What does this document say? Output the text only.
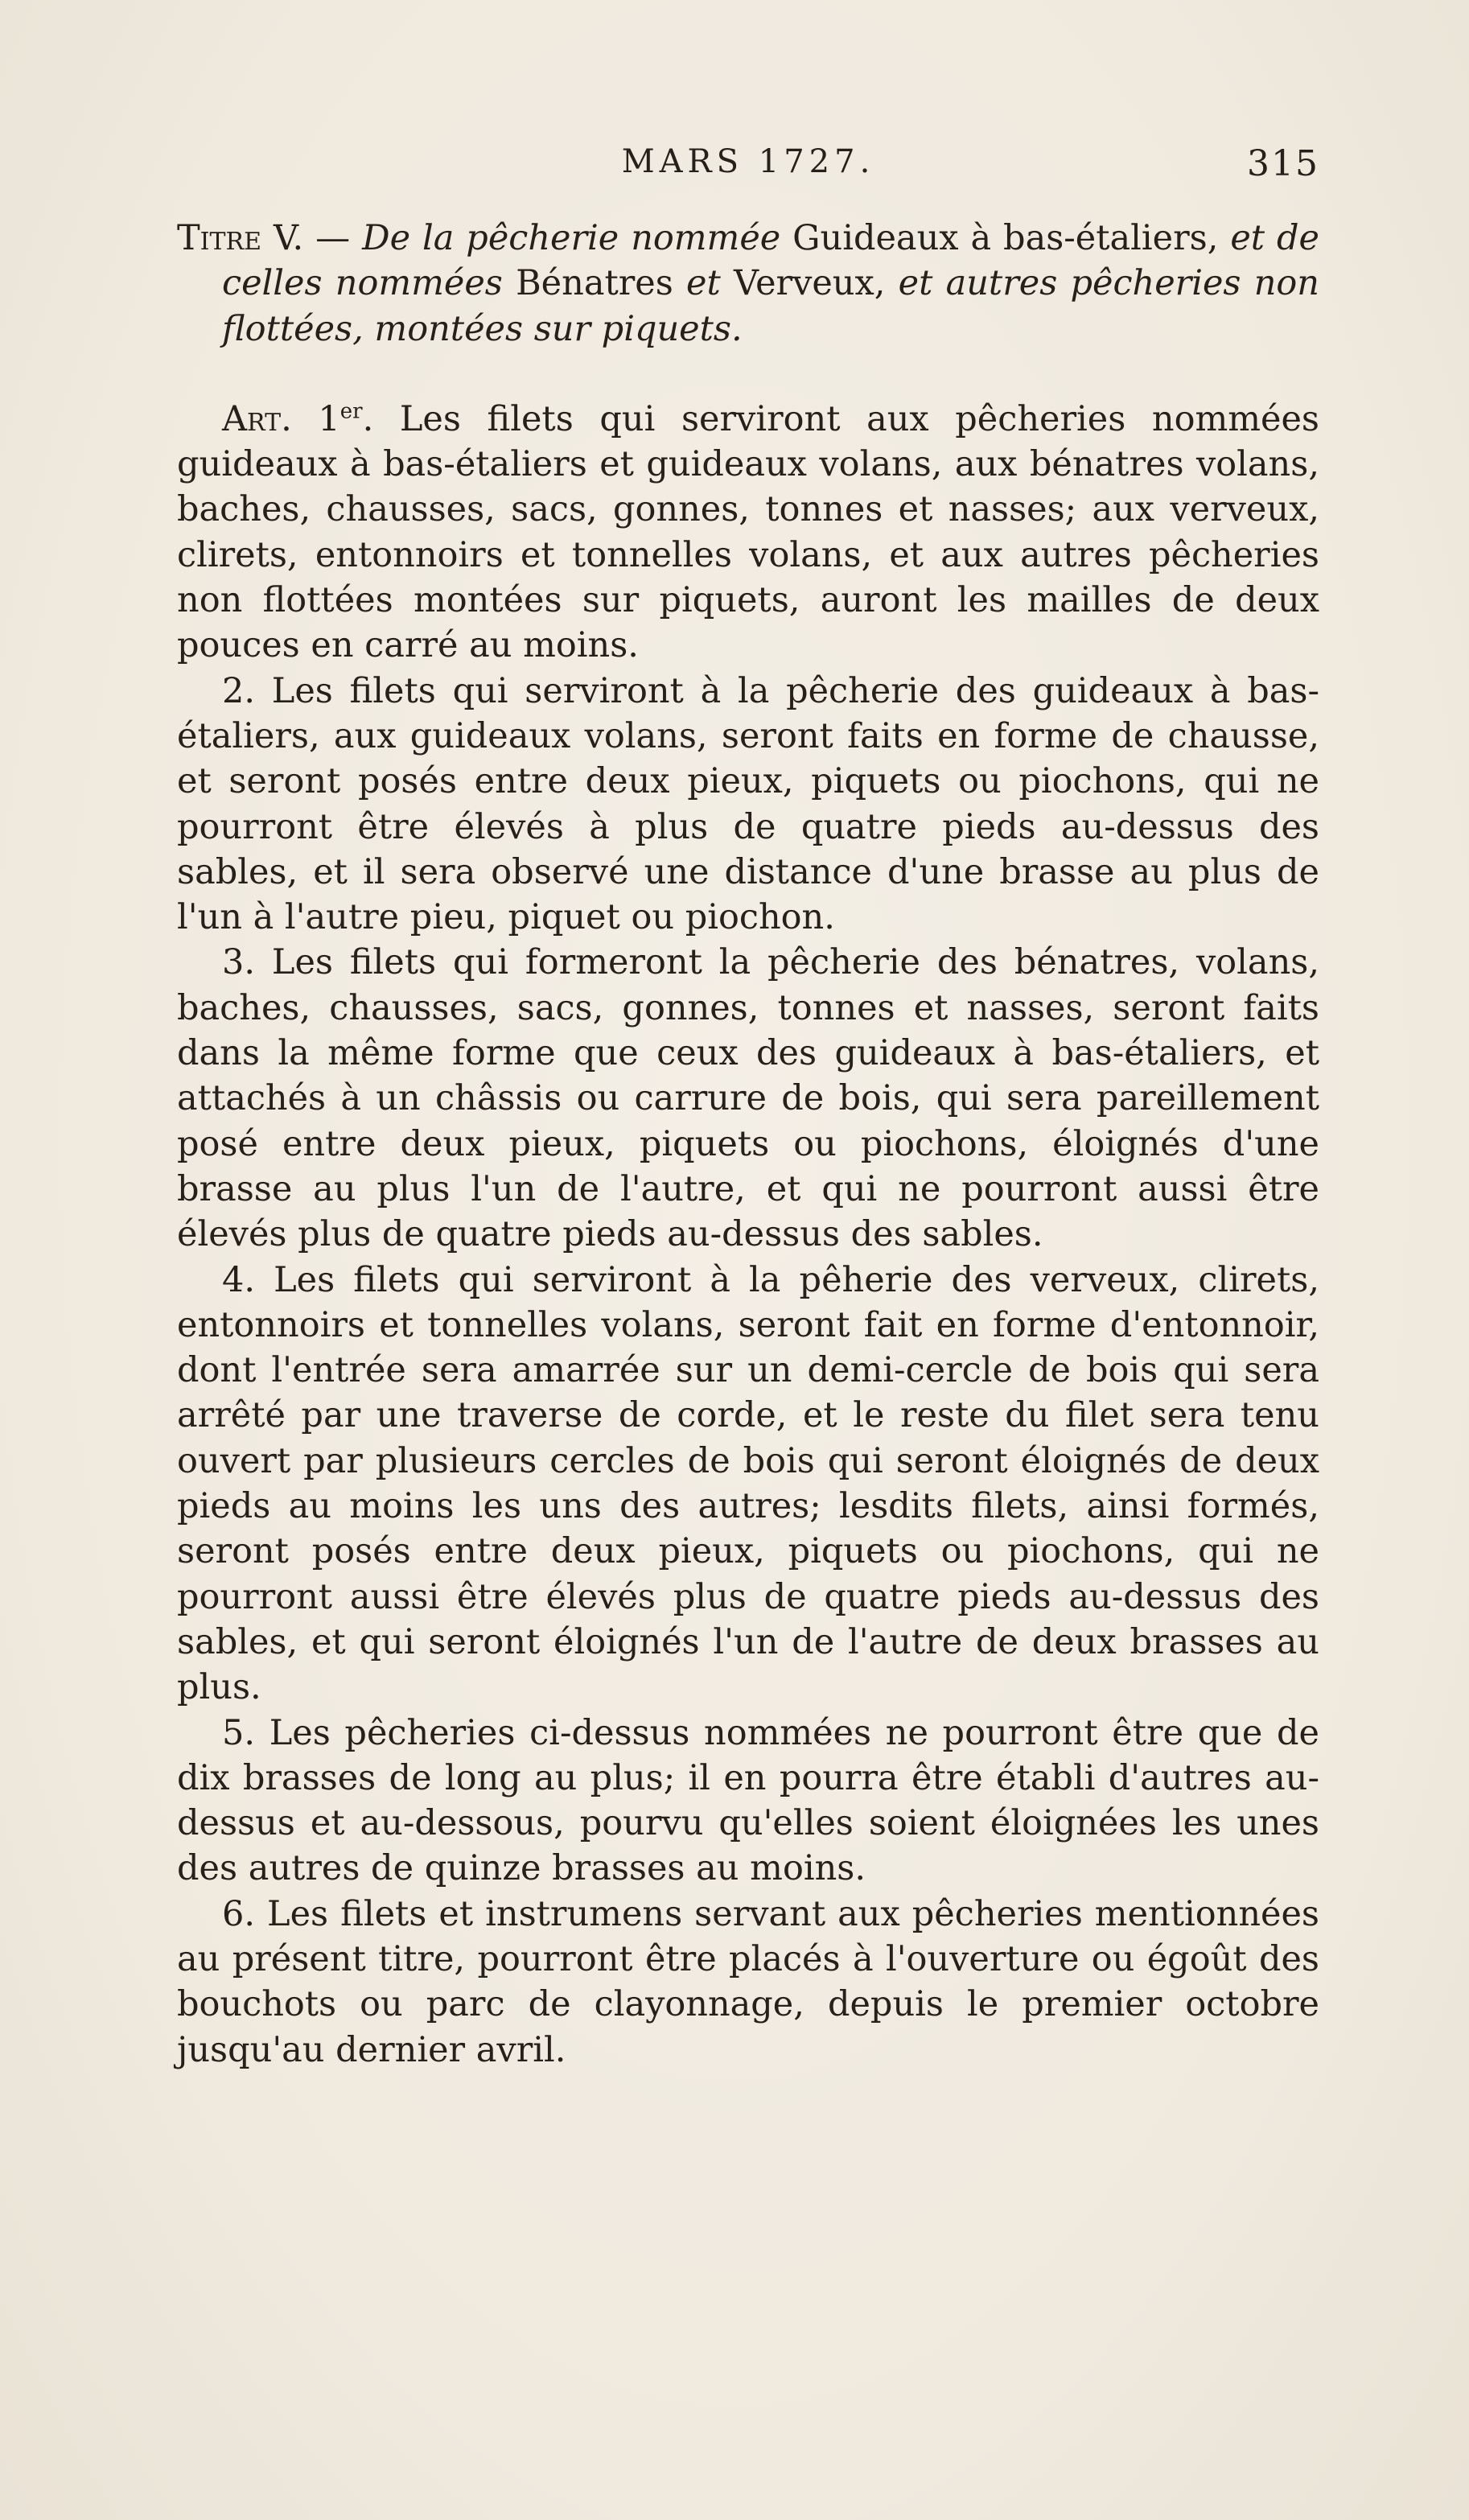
MARS 1727.	315

Titre V. — De la pêcherie nommée Guideaux à bas-étaliers, et de celles nommées Bénatres et Verveux, et autres pêcheries non flottées, montées sur piquets.

Art. 1er. Les filets qui serviront aux pêcheries nommées guideaux à bas-étaliers et guideaux volans, aux bénatres volans, baches, chausses, sacs, gonnes, tonnes et nasses; aux verveux, clirets, entonnoirs et tonnelles volans, et aux autres pêcheries non flottées montées sur piquets, auront les mailles de deux pouces en carré au moins.

2. Les filets qui serviront à la pêcherie des guideaux à bas-étaliers, aux guideaux volans, seront faits en forme de chausse, et seront posés entre deux pieux, piquets ou piochons, qui ne pourront être élevés à plus de quatre pieds au-dessus des sables, et il sera observé une distance d'une brasse au plus de l'un à l'autre pieu, piquet ou piochon.

3. Les filets qui formeront la pêcherie des bénatres, volans, baches, chausses, sacs, gonnes, tonnes et nasses, seront faits dans la même forme que ceux des guideaux à bas-étaliers, et attachés à un châssis ou carrure de bois, qui sera pareillement posé entre deux pieux, piquets ou piochons, éloignés d'une brasse au plus l'un de l'autre, et qui ne pourront aussi être élevés plus de quatre pieds au-dessus des sables.

4. Les filets qui serviront à la pêherie des verveux, clirets, entonnoirs et tonnelles volans, seront fait en forme d'entonnoir, dont l'entrée sera amarrée sur un demi-cercle de bois qui sera arrêté par une traverse de corde, et le reste du filet sera tenu ouvert par plusieurs cercles de bois qui seront éloignés de deux pieds au moins les uns des autres; lesdits filets, ainsi formés, seront posés entre deux pieux, piquets ou piochons, qui ne pourront aussi être élevés plus de quatre pieds au-dessus des sables, et qui seront éloignés l'un de l'autre de deux brasses au plus.

5. Les pêcheries ci-dessus nommées ne pourront être que de dix brasses de long au plus; il en pourra être établi d'autres au-dessus et au-dessous, pourvu qu'elles soient éloignées les unes des autres de quinze brasses au moins.

6. Les filets et instrumens servant aux pêcheries mentionnées au présent titre, pourront être placés à l'ouverture ou égoût des bouchots ou parc de clayonnage, depuis le premier octobre jusqu'au dernier avril.
